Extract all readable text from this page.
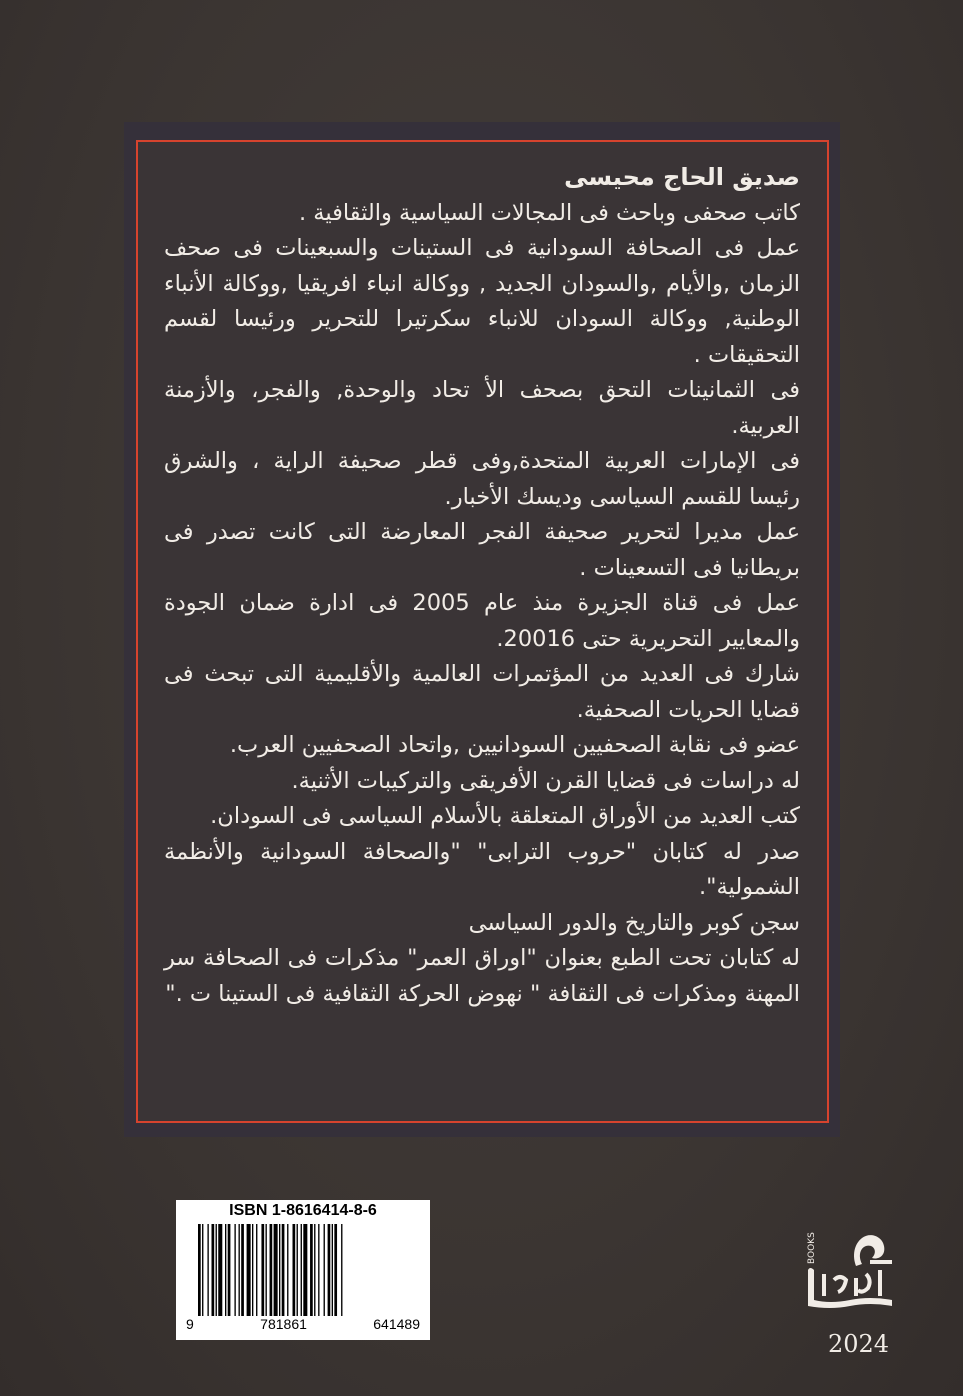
صديق الحاج محيسى

كاتب صحفى وباحث فى المجالات السياسية والثقافية .

عمل فى الصحافة السودانية فى الستينات والسبعينات فى صحف الزمان ,والأيام ,والسودان الجديد , ووكالة انباء افريقيا ,ووكالة الأنباء الوطنية, ووكالة السودان للانباء سكرتيرا للتحرير ورئيسا لقسم التحقيقات .

فى الثمانينات التحق بصحف الأ تحاد والوحدة, والفجر، والأزمنة العربية.

فى الإمارات العربية المتحدة,وفى قطر صحيفة الراية ، والشرق رئيسا للقسم السياسى وديسك الأخبار.

عمل مديرا لتحرير صحيفة الفجر المعارضة التى كانت تصدر فى بريطانيا فى التسعينات .

عمل فى قناة الجزيرة منذ عام 2005 فى ادارة ضمان الجودة والمعايير التحريرية حتى 20016.

شارك فى العديد من المؤتمرات العالمية والأقليمية التى تبحث فى قضايا الحريات الصحفية.

عضو فى نقابة الصحفيين السودانيين ,واتحاد الصحفيين العرب.

له دراسات فى قضايا القرن الأفريقى والتركيبات الأثنية.

كتب العديد من الأوراق المتعلقة بالأسلام السياسى فى السودان.

صدر له كتابان "حروب الترابى" "والصحافة السودانية والأنظمة الشمولية".

سجن كوبر والتاريخ والدور السياسى

له كتابان تحت الطبع بعنوان "اوراق العمر" مذكرات فى الصحافة سر المهنة ومذكرات فى الثقافة " نهوض الحركة الثقافية فى الستينا ت ."

ISBN 1-8616414-8-6
9	781861	641489
BOOKS
2024
